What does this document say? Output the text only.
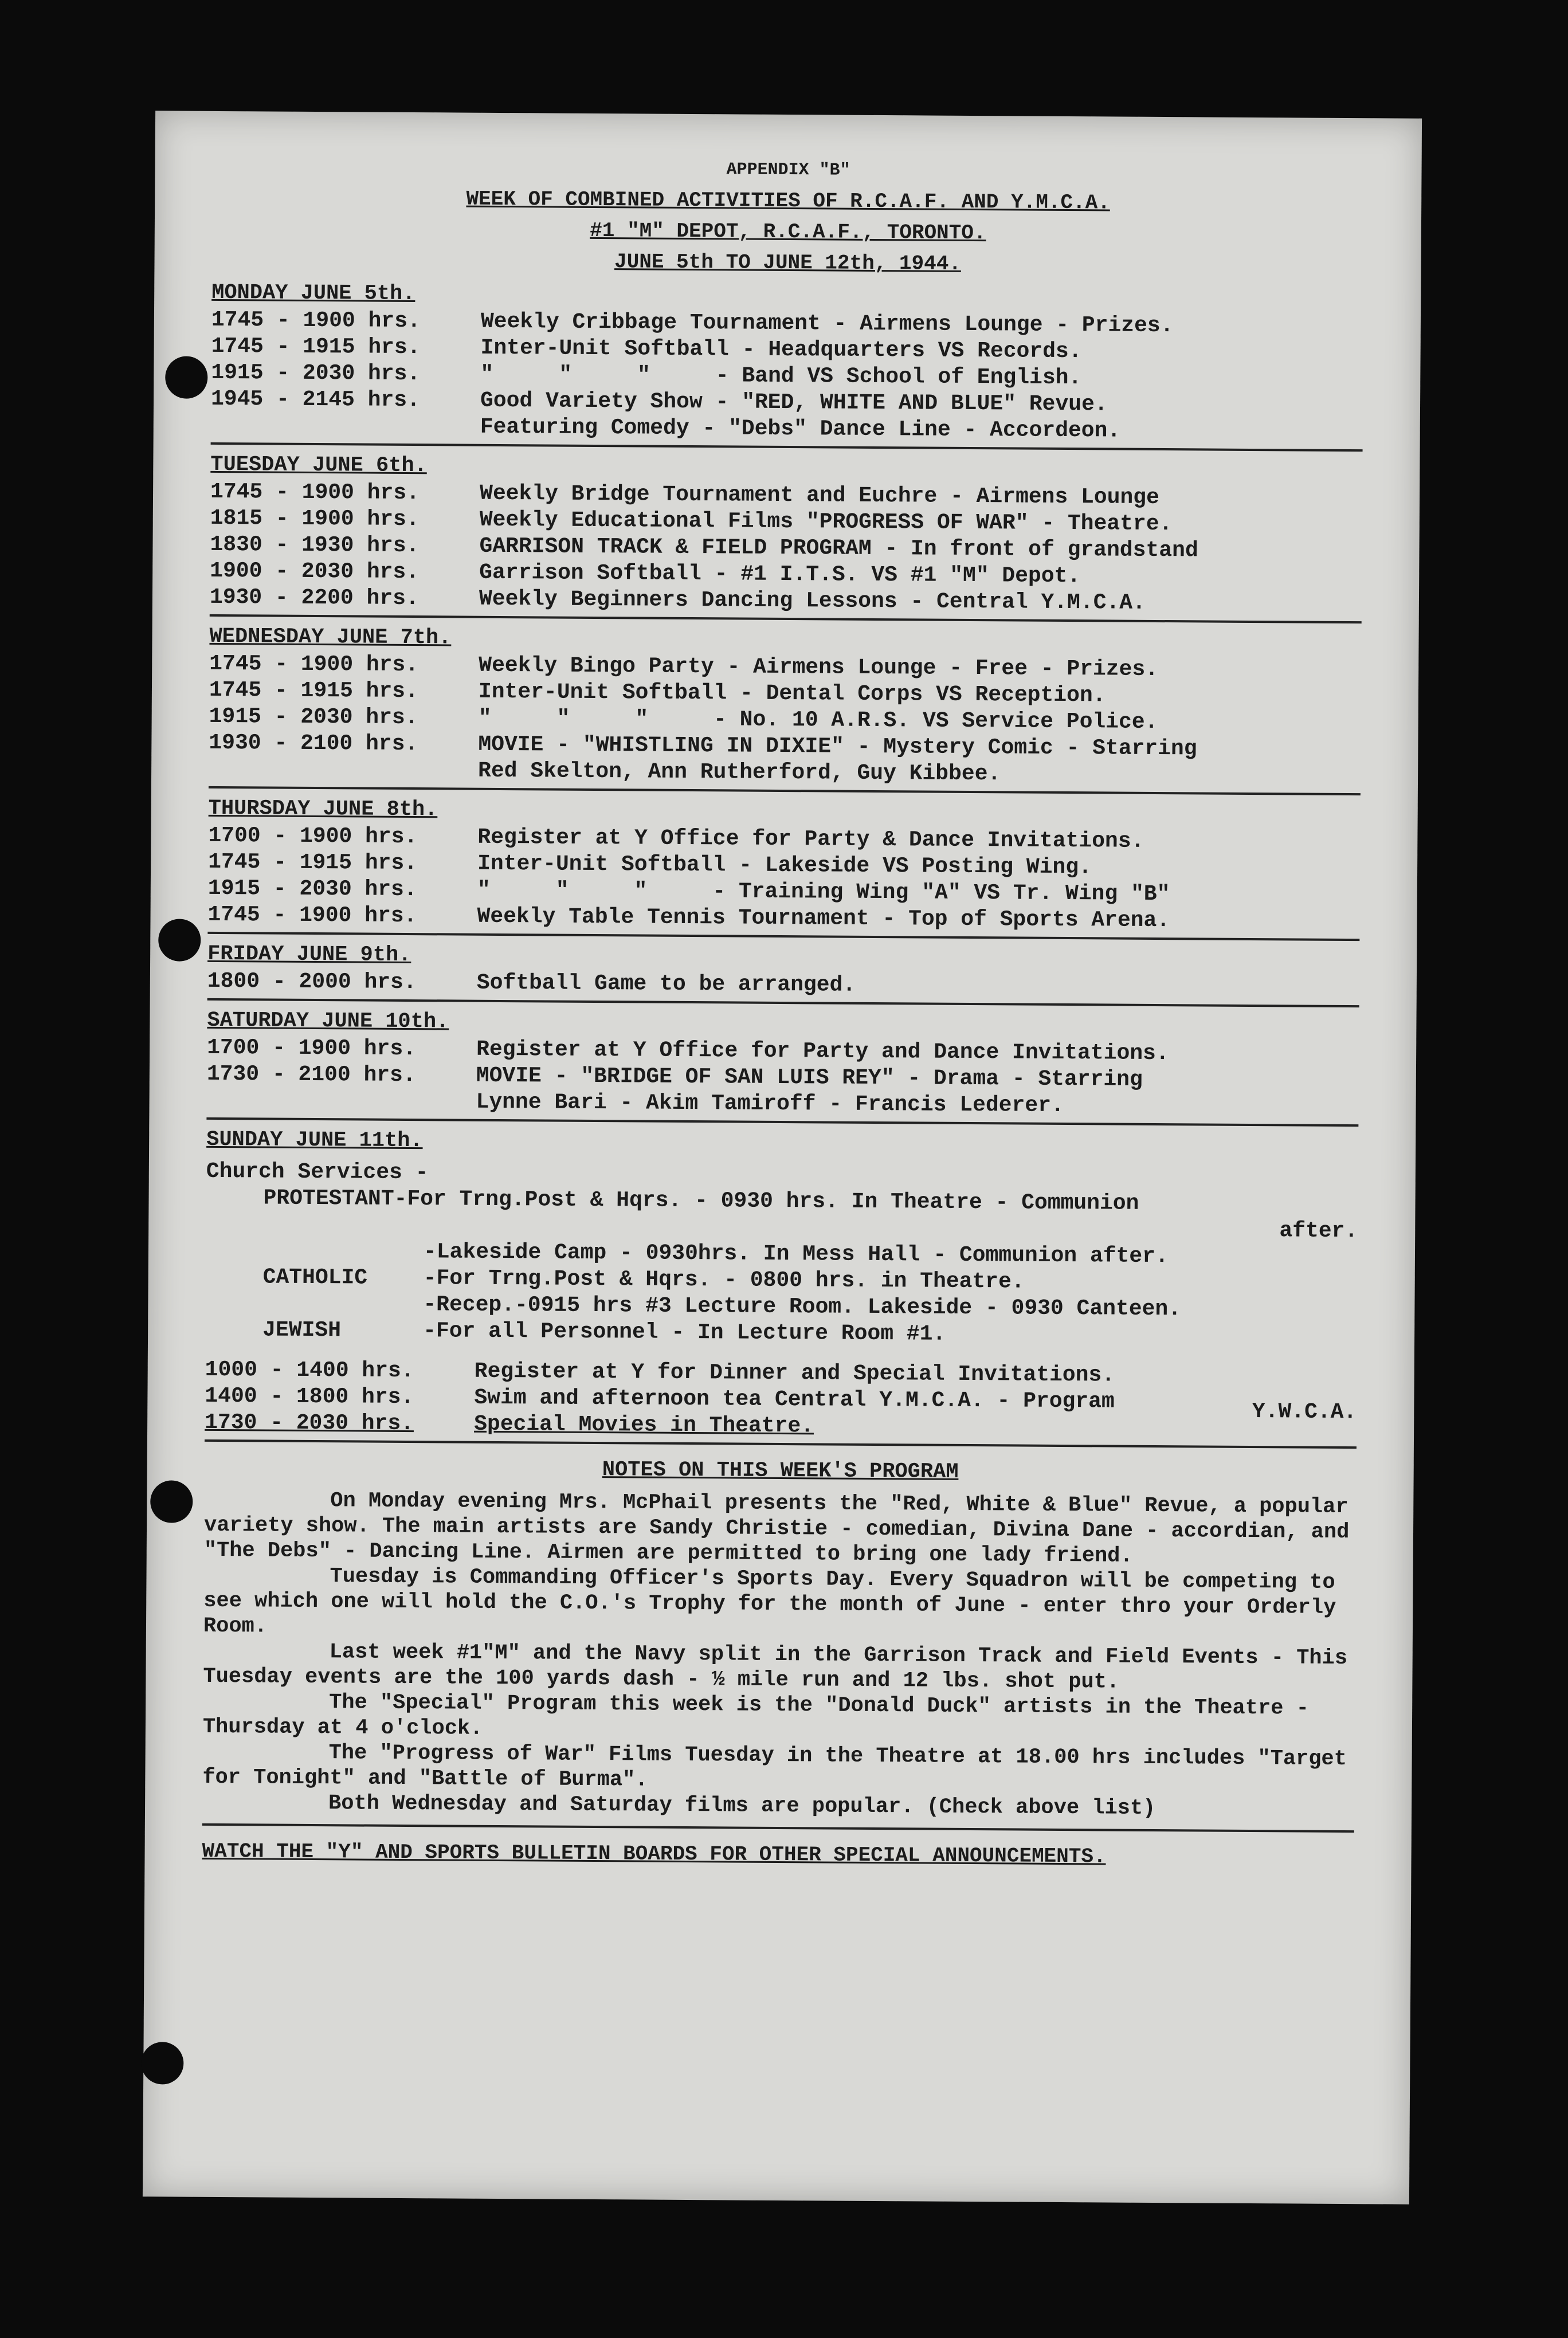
APPENDIX "B"
WEEK OF COMBINED ACTIVITIES OF R.C.A.F. AND Y.M.C.A.
#1 "M" DEPOT, R.C.A.F., TORONTO.
JUNE 5th TO JUNE 12th, 1944.
MONDAY JUNE 5th.
1745 - 1900 hrs.	Weekly Cribbage Tournament - Airmens Lounge - Prizes.
1745 - 1915 hrs.	Inter-Unit Softball - Headquarters VS Records.
1915 - 2030 hrs.	"     "     "     - Band VS School of English.
1945 - 2145 hrs.	Good Variety Show - "RED, WHITE AND BLUE" Revue.
Featuring Comedy - "Debs" Dance Line - Accordeon.
TUESDAY JUNE 6th.
1745 - 1900 hrs.	Weekly Bridge Tournament and Euchre - Airmens Lounge
1815 - 1900 hrs.	Weekly Educational Films "PROGRESS OF WAR" - Theatre.
1830 - 1930 hrs.	GARRISON TRACK & FIELD PROGRAM - In front of grandstand
1900 - 2030 hrs.	Garrison Softball - #1 I.T.S. VS #1 "M" Depot.
1930 - 2200 hrs.	Weekly Beginners Dancing Lessons - Central Y.M.C.A.
WEDNESDAY JUNE 7th.
1745 - 1900 hrs.	Weekly Bingo Party - Airmens Lounge - Free - Prizes.
1745 - 1915 hrs.	Inter-Unit Softball - Dental Corps VS Reception.
1915 - 2030 hrs.	"     "     "     - No. 10 A.R.S. VS Service Police.
1930 - 2100 hrs.	MOVIE - "WHISTLING IN DIXIE" - Mystery Comic - Starring
Red Skelton, Ann Rutherford, Guy Kibbee.
THURSDAY JUNE 8th.
1700 - 1900 hrs.	Register at Y Office for Party & Dance Invitations.
1745 - 1915 hrs.	Inter-Unit Softball - Lakeside VS Posting Wing.
1915 - 2030 hrs.	"     "     "     - Training Wing "A" VS Tr. Wing "B"
1745 - 1900 hrs.	Weekly Table Tennis Tournament - Top of Sports Arena.
FRIDAY JUNE 9th.
1800 - 2000 hrs.	Softball Game to be arranged.
SATURDAY JUNE 10th.
1700 - 1900 hrs.	Register at Y Office for Party and Dance Invitations.
1730 - 2100 hrs.	MOVIE - "BRIDGE OF SAN LUIS REY" - Drama - Starring
Lynne Bari - Akim Tamiroff - Francis Lederer.
SUNDAY JUNE 11th.
Church Services -
PROTESTANT- For Trng.Post & Hqrs. - 0930 hrs. In Theatre - Communion
after.
-Lakeside Camp - 0930hrs. In Mess Hall - Communion after.
CATHOLIC	-For Trng.Post & Hqrs. - 0800 hrs. in Theatre.
-Recep.-0915 hrs #3 Lecture Room. Lakeside - 0930 Canteen.
JEWISH	-For all Personnel - In Lecture Room #1.
1000 - 1400 hrs.	Register at Y for Dinner and Special Invitations.
1400 - 1800 hrs.	Swim and afternoon tea Central Y.M.C.A. - Program
1730 - 2030 hrs.	Special Movies in Theatre.	Y.W.C.A.
NOTES ON THIS WEEK'S PROGRAM

On Monday evening Mrs. McPhail presents the "Red, White & Blue" Revue, a popular variety show. The main artists are Sandy Christie - comedian, Divina Dane - accordian, and "The Debs" - Dancing Line. Airmen are permitted to bring one lady friend.

Tuesday is Commanding Officer's Sports Day. Every Squadron will be competing to see which one will hold the C.O.'s Trophy for the month of June - enter thro your Orderly Room.

Last week #1"M" and the Navy split in the Garrison Track and Field Events - This Tuesday events are the 100 yards dash - ½ mile run and 12 lbs. shot put.

The "Special" Program this week is the "Donald Duck" artists in the Theatre - Thursday at 4 o'clock.

The "Progress of War" Films Tuesday in the Theatre at 18.00 hrs includes "Target for Tonight" and "Battle of Burma".

Both Wednesday and Saturday films are popular. (Check above list)

WATCH THE "Y" AND SPORTS BULLETIN BOARDS FOR OTHER SPECIAL ANNOUNCEMENTS.
